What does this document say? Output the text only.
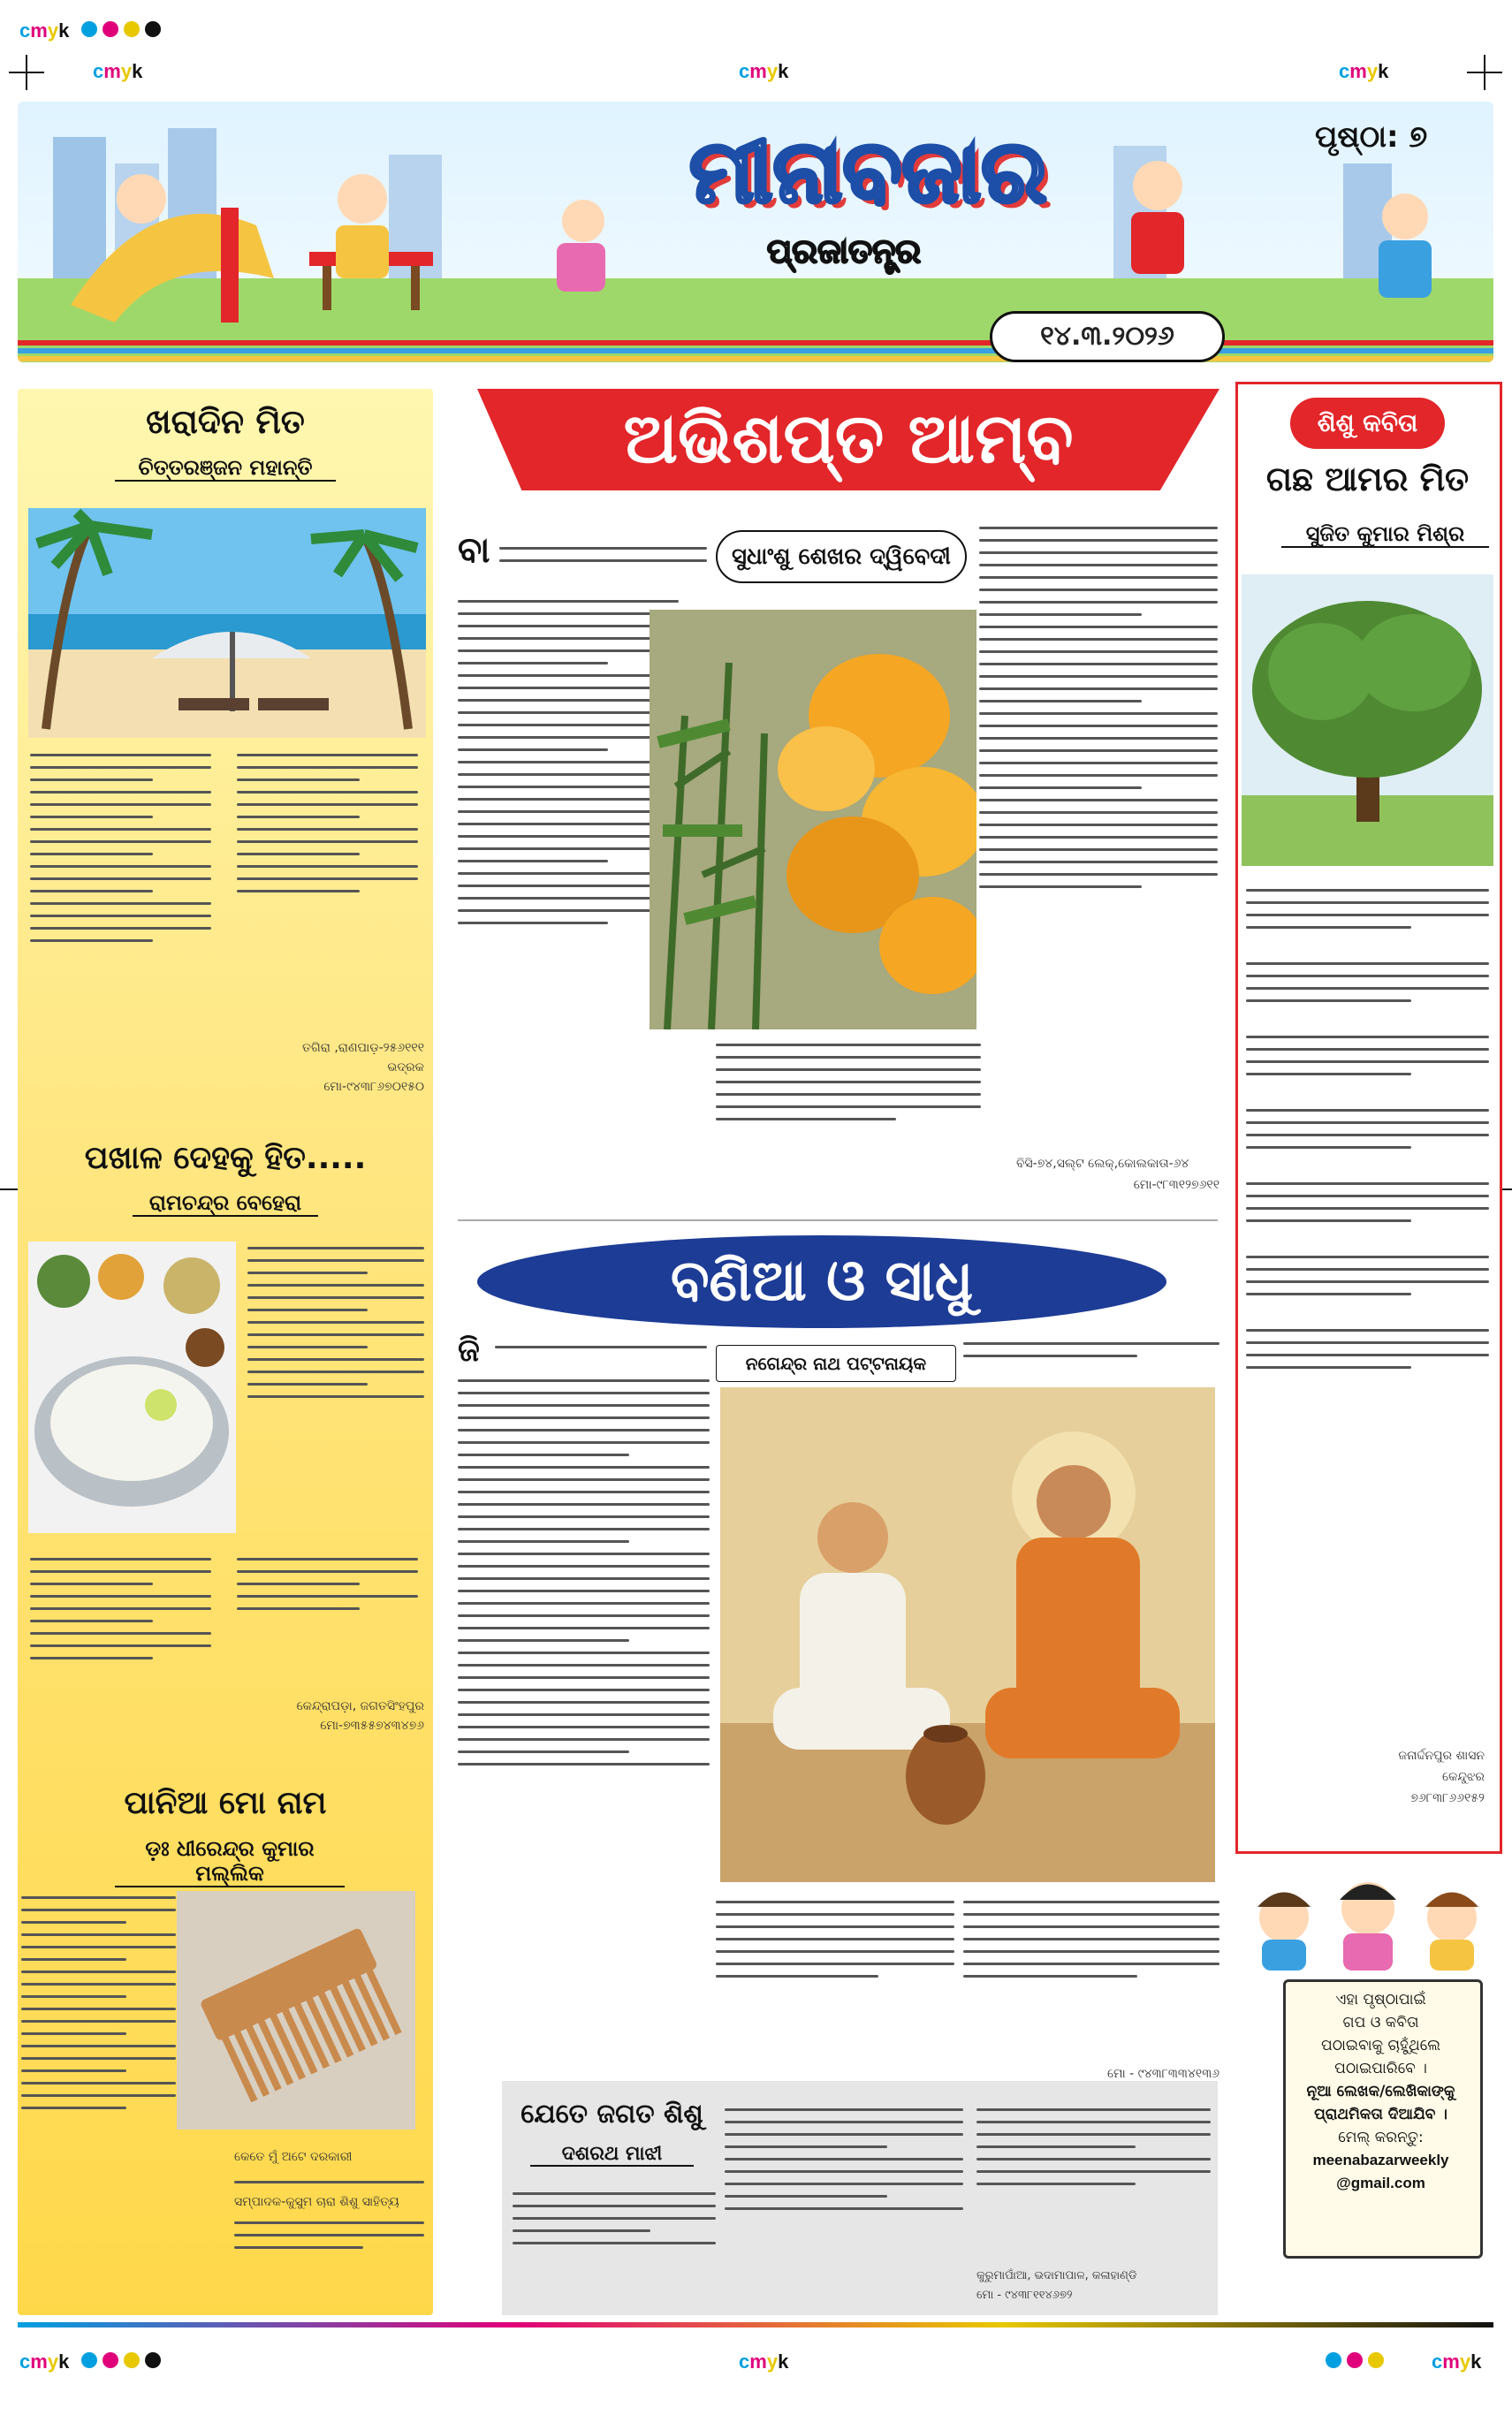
cmyk
cmyk	cmyk	cmyk
ମୀନାବଜାର
ପ୍ରଜାତନ୍ତ୍ର
ପୃଷ୍ଠା: ୭
୧୪.୩.୨୦୨୬
ଖରାଦିନ ମିତ
ଚିତ୍ତରଞ୍ଜନ ମହାନ୍ତି
ତଗିରା ,ରାଣପାଡ଼-୨୫୬୧୧୧ ଭଦ୍ରକ
ମୋ-୯୪୩୮୬୭୦୧୫୦
ପଖାଳ ଦେହକୁ ହିତ.....
ରାମଚନ୍ଦ୍ର ବେହେରା
କେନ୍ଦ୍ରାପଡ଼ା, ଜଗତସିଂହପୁର
ମୋ-୭୩୫୫୭୪୩୪୭୬
ପାନିଆ ମୋ ନାମ
ଡ଼ଃ ଧୀରେନ୍ଦ୍ର କୁମାର ମଲ୍ଲିକ
କେତେ ମୁଁ ଅଟେ ଦରକାରୀ
ସମ୍ପାଦକ-କୁସୁମ ଚାରା ଶିଶୁ ସାହିତ୍ୟ
ଅଭିଶପ୍ତ ଆମ୍ବ
ସୁଧାଂଶୁ ଶେଖର ଦ୍ୱିବେଦୀ
ବା
ବିସି-୭୪,ସଲ୍ଟ ଲେକ୍,କୋଲକାତା-୬୪
ମୋ-୯୮୩୧୨୭୬୧୧
ବଣିଆ ଓ ସାଧୁ
ଜି	ନଗେନ୍ଦ୍ର ନାଥ ପଟ୍ଟନାୟକ
ମୋ - ୯୪୩୮୩୩୪୧୩୬
ଶିଶୁ କବିତା
ଗଛ ଆମର ମିତ
ସୁଜିତ କୁମାର ମିଶ୍ର
ଜନାର୍ଦ୍ଦନପୁର ଶାସନ
କେନ୍ଦୁଝର
୭୬୮୩୮୬୬୧୫୨
ଯେତେ ଜଗତ ଶିଶୁ
ଦଶରଥ ମାଝୀ
କୁରୁମାପାଁଆ, ଭଦାମାପାଳ, କଳାହାଣ୍ଡି
ମୋ - ୯୪୩୮୧୧୪୬୭୨
ଏହା ପୃଷ୍ଠାପାଇଁ
ଗପ ଓ କବିତା
ପଠାଇବାକୁ ଚାହୁଁଥିଲେ
ପଠାଇପାରିବେ ।
ନୂଆ ଲେଖକ/ଲେଖିକାଙ୍କୁ
ପ୍ରାଥମିକତା ଦିଆଯିବ ।
ମେଲ୍ କରନ୍ତୁ:
meenabazarweekly
@gmail.com
cmyk	cmyk	cmyk
